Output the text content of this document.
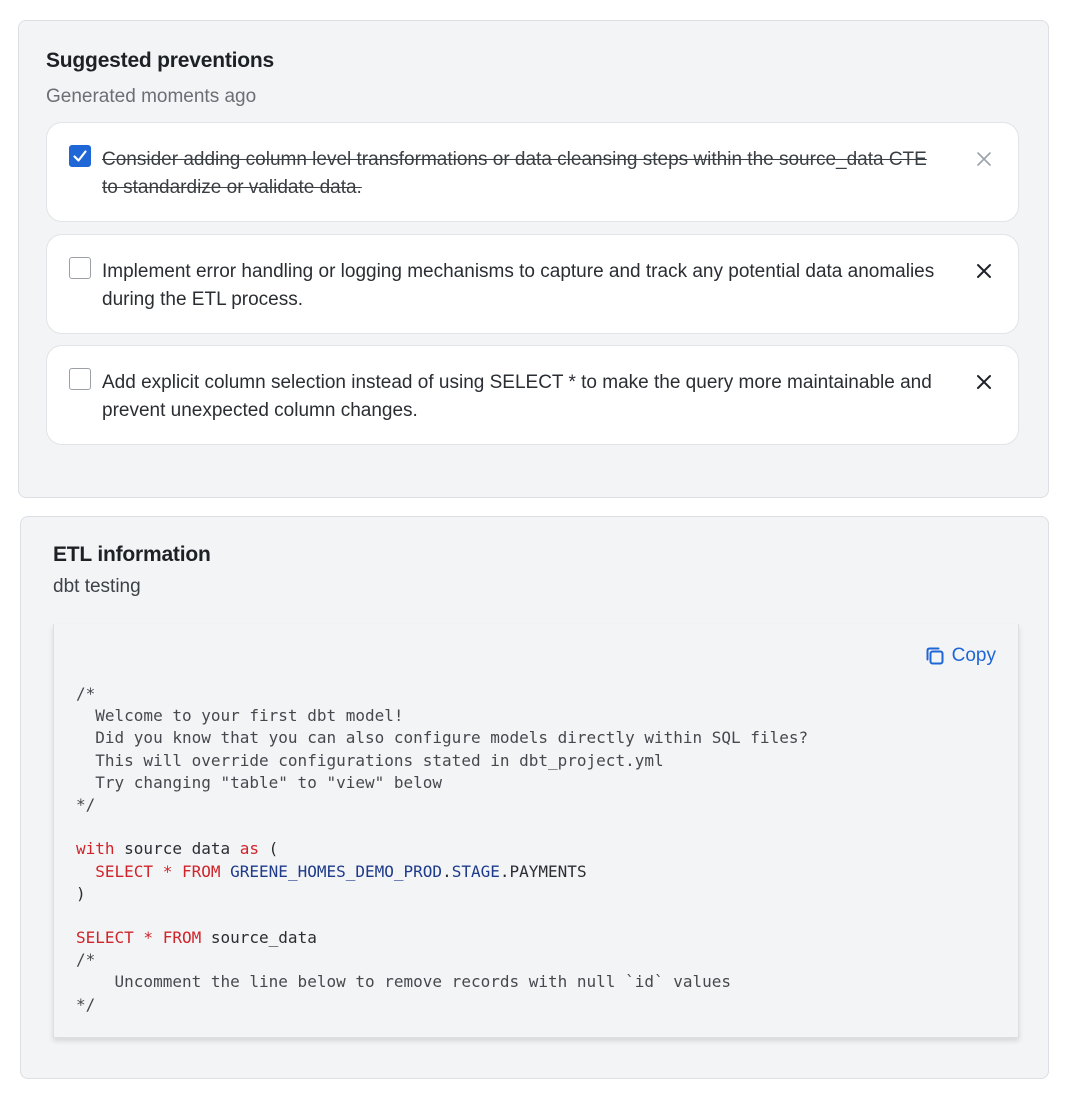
Suggested preventions
Generated moments ago
Consider adding column level transformations or data cleansing steps within the source_data CTE to standardize or validate data.
Implement error handling or logging mechanisms to capture and track any potential data anomalies during the ETL process.
Add explicit column selection instead of using SELECT * to make the query more maintainable and prevent unexpected column changes.
ETL information
dbt testing
Copy
/*
Welcome to your first dbt model!
Did you know that you can also configure models directly within SQL files?
This will override configurations stated in dbt_project.yml
Try changing "table" to "view" below
*/
with source data as (
SELECT * FROM GREENE_HOMES_DEMO_PROD.STAGE.PAYMENTS
)
SELECT * FROM source_data
/*
Uncomment the line below to remove records with null `id` values
*/
